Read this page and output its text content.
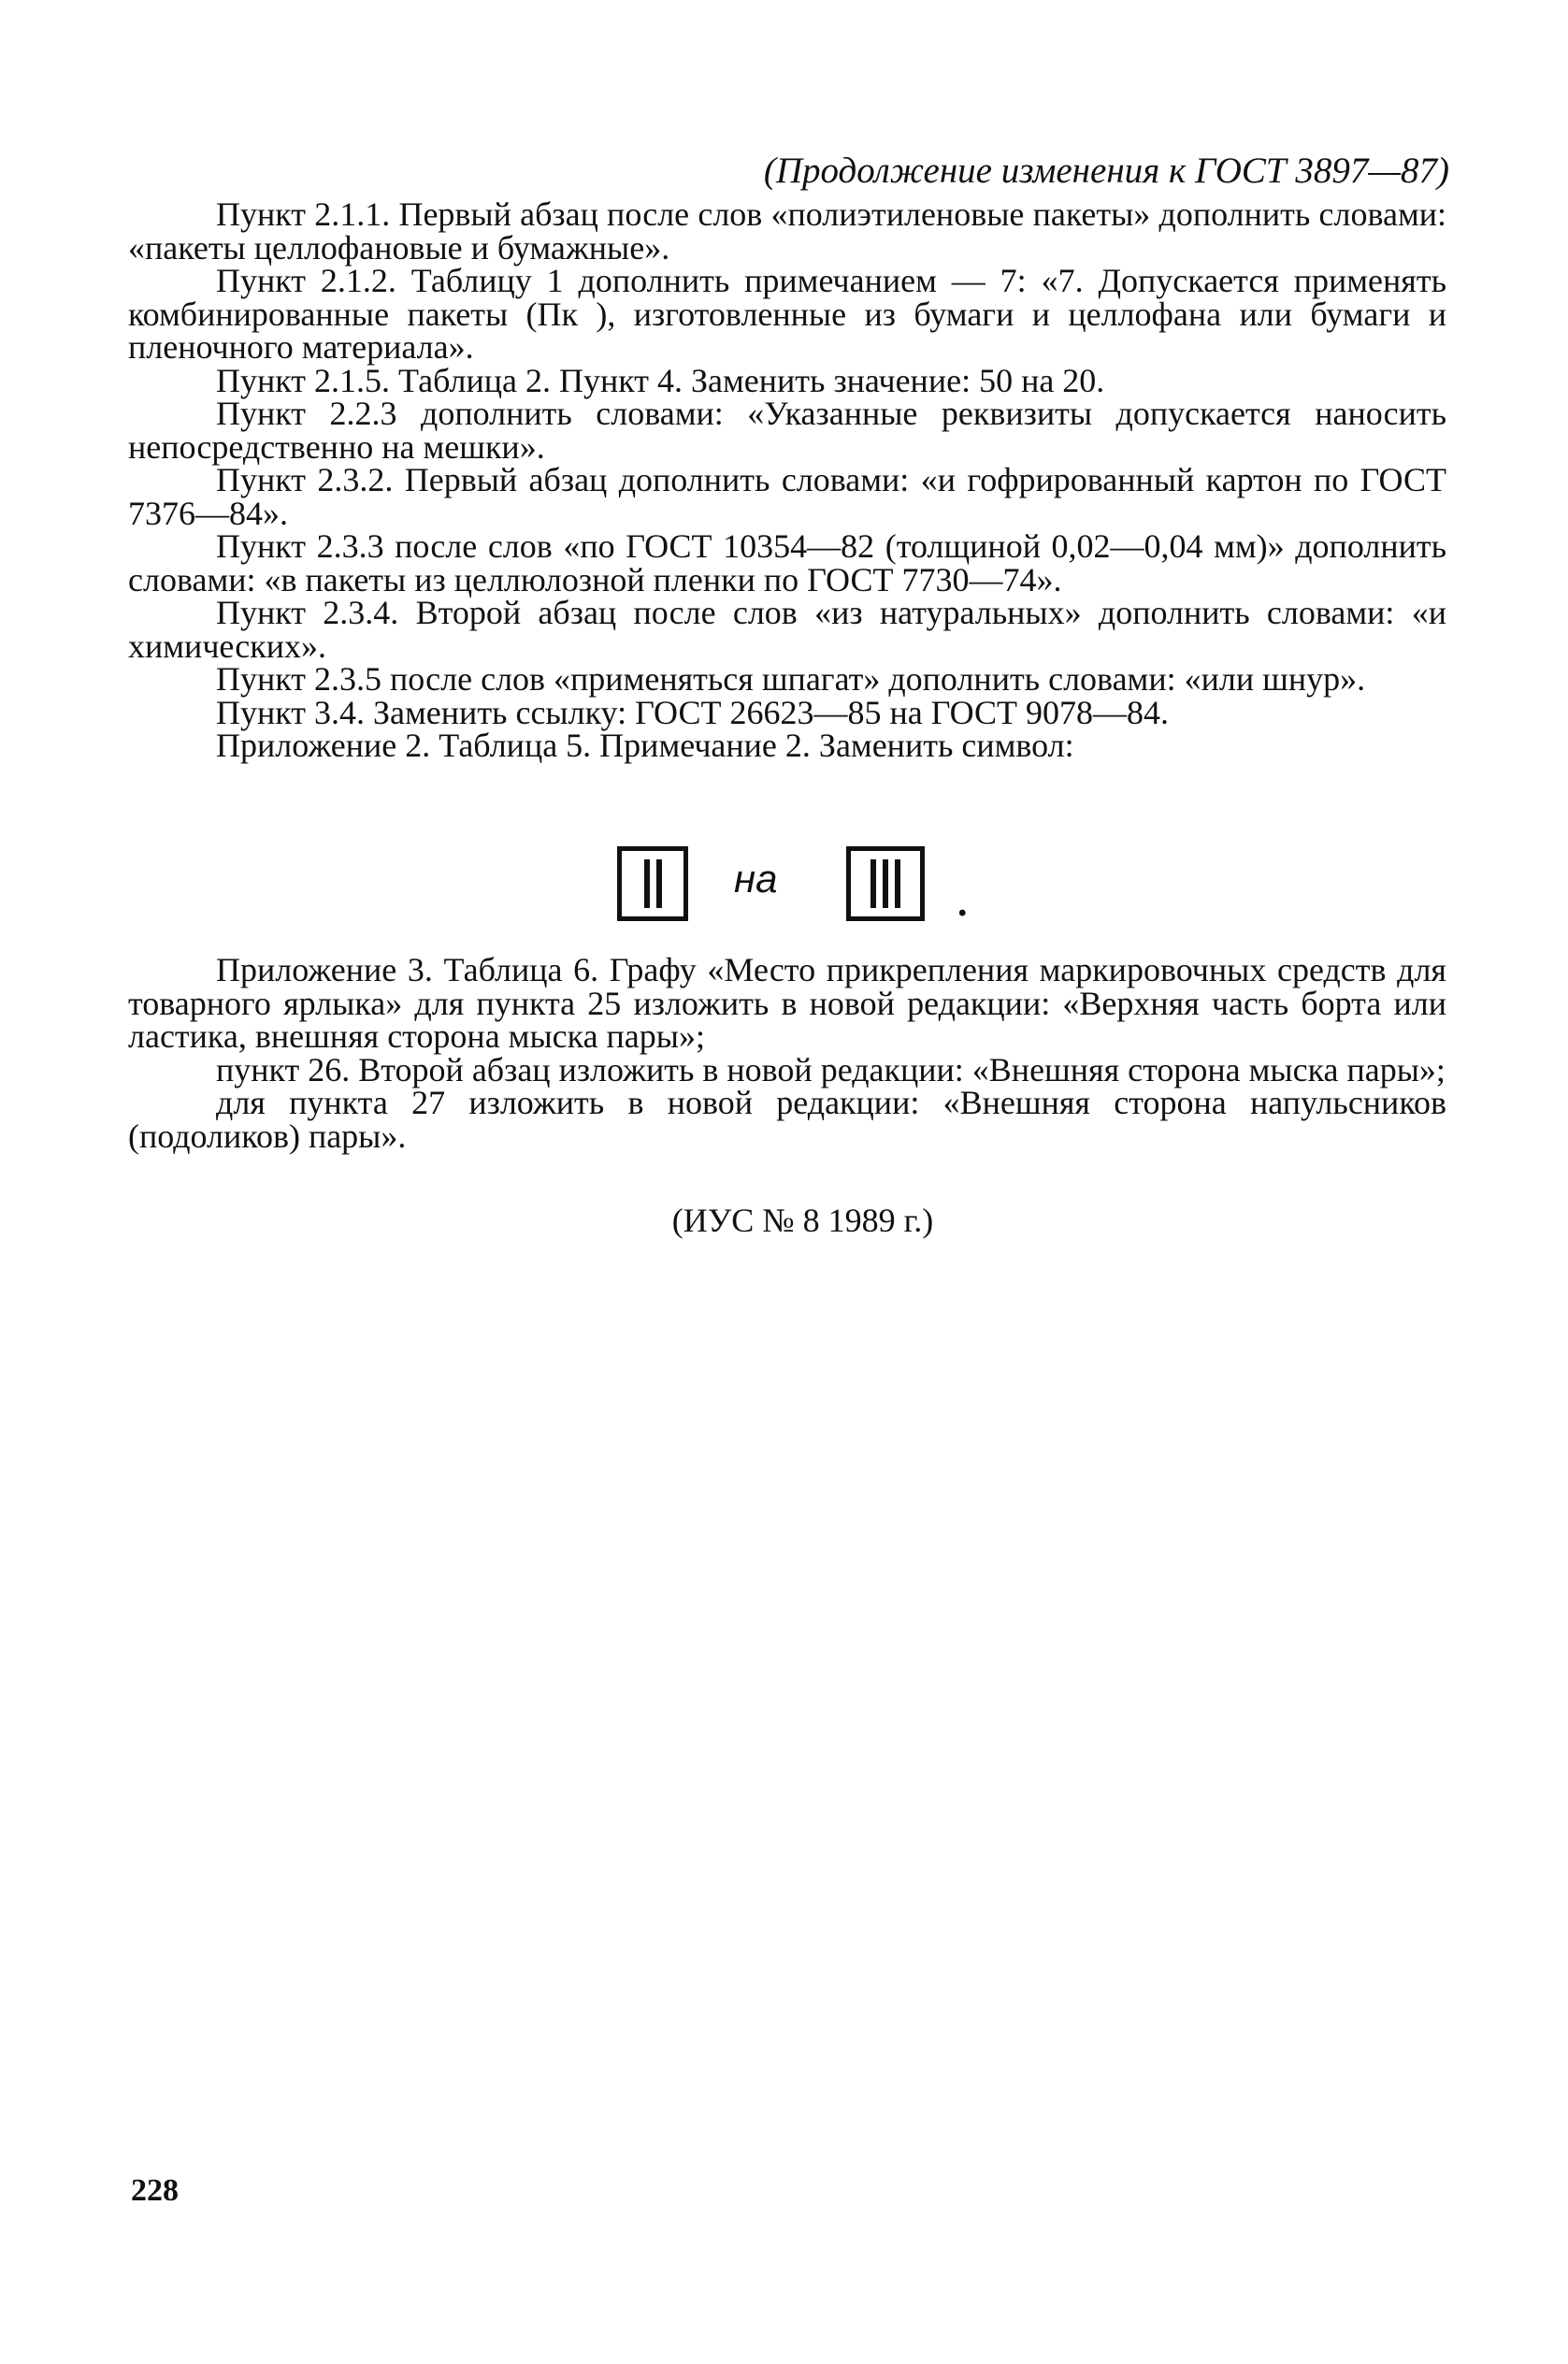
(Продолжение изменения к ГОСТ 3897—87)

Пункт 2.1.1. Первый абзац после слов «полиэтиленовые пакеты» дополнить словами: «пакеты целлофановые и бумажные».

Пункт 2.1.2. Таблицу 1 дополнить примечанием — 7: «7. Допускается применять комбинированные пакеты (Пк ), изготовленные из бумаги и целлофана или бумаги и пленочного материала».

Пункт 2.1.5. Таблица 2. Пункт 4. Заменить значение: 50 на 20.

Пункт 2.2.3 дополнить словами: «Указанные реквизиты допускается наносить непосредственно на мешки».

Пункт 2.3.2. Первый абзац дополнить словами: «и гофрированный картон по ГОСТ 7376—84».

Пункт 2.3.3 после слов «по ГОСТ 10354—82 (толщиной 0,02—0,04 мм)» дополнить словами: «в пакеты из целлюлозной пленки по ГОСТ 7730—74».

Пункт 2.3.4. Второй абзац после слов «из натуральных» дополнить словами: «и химических».

Пункт 2.3.5 после слов «применяться шпагат» дополнить словами: «или шнур».

Пункт 3.4. Заменить ссылку: ГОСТ 26623—85 на ГОСТ 9078—84.

Приложение 2. Таблица 5. Примечание 2. Заменить символ:

на
.

Приложение 3. Таблица 6. Графу «Место прикрепления маркировочных средств для товарного ярлыка» для пункта 25 изложить в новой редакции: «Верхняя часть борта или ластика, внешняя сторона мыска пары»;

пункт 26. Второй абзац изложить в новой редакции: «Внешняя сторона мыска пары»;

для пункта 27 изложить в новой редакции: «Внешняя сторона напульсников (подоликов) пары».

(ИУС № 8 1989 г.)
228
